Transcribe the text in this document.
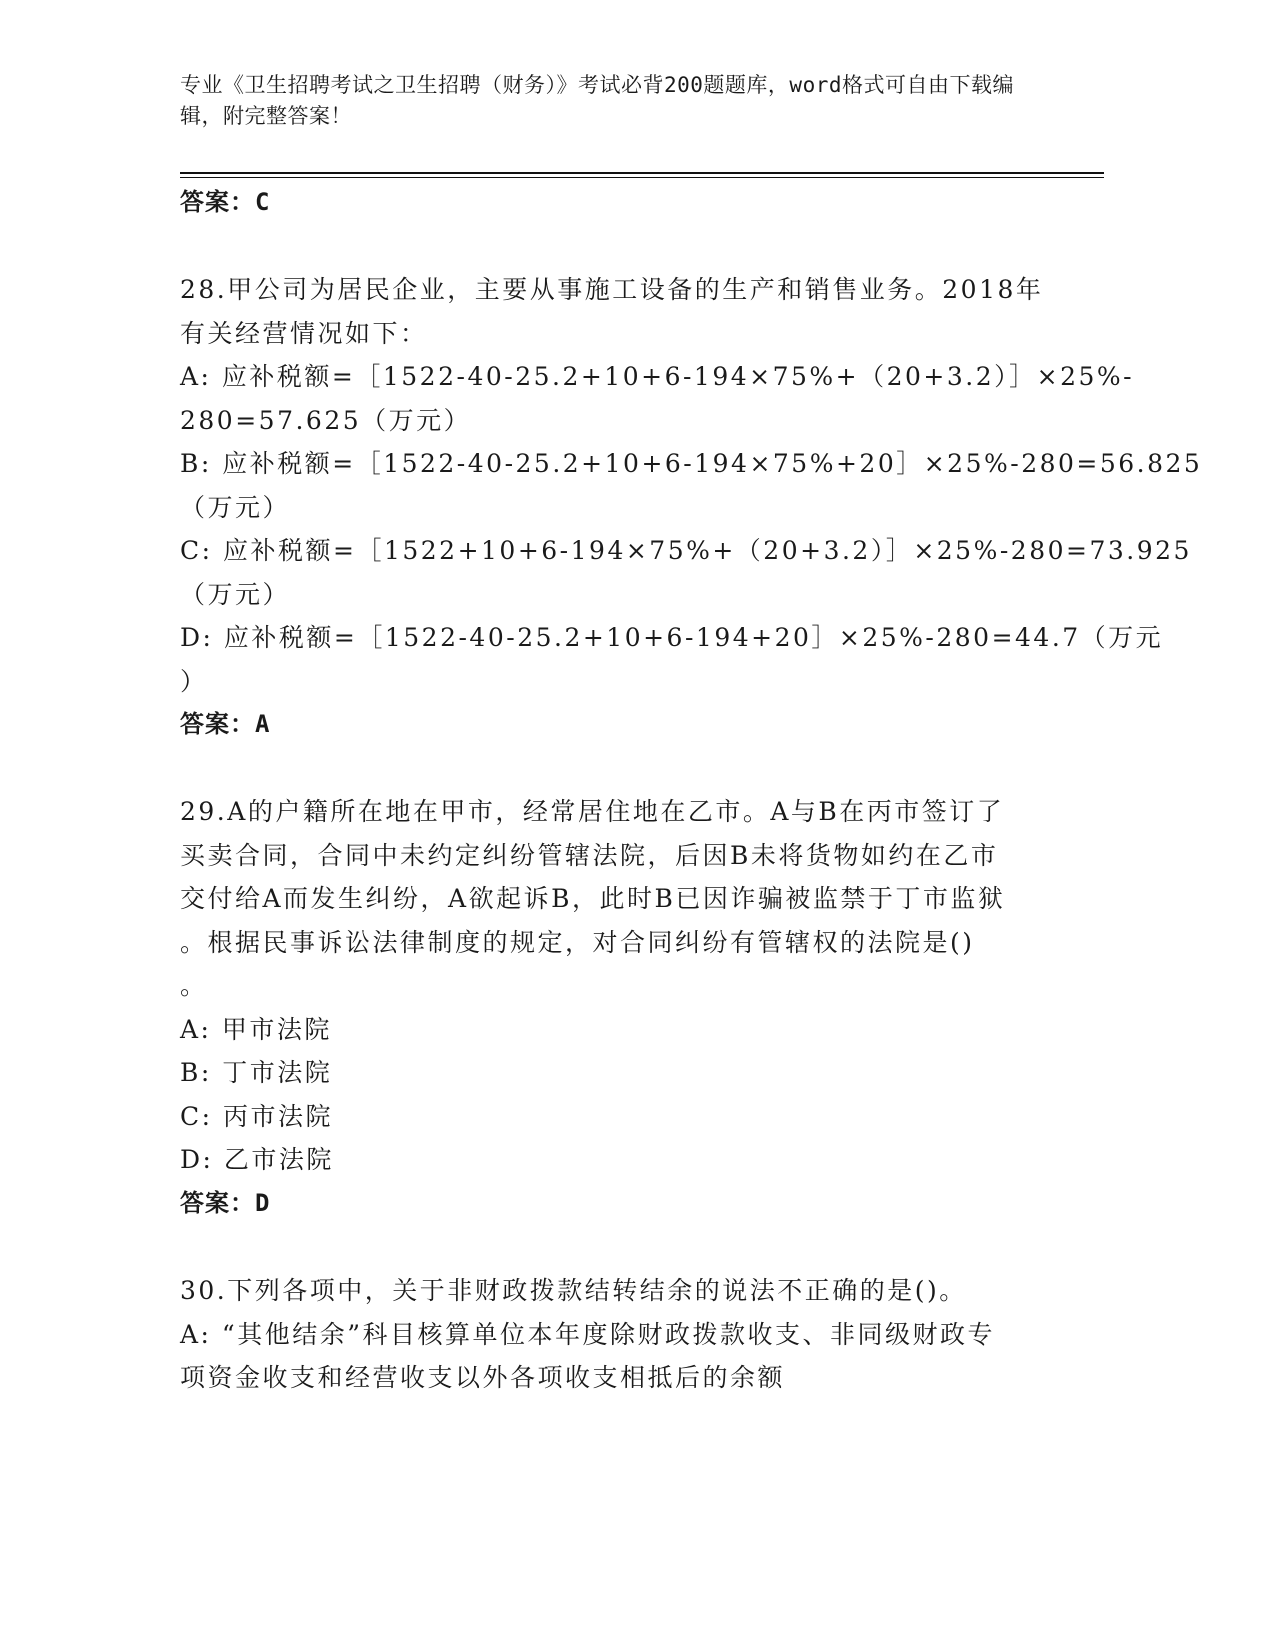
专业《卫生招聘考试之卫生招聘（财务）》考试必背200题题库，word格式可自由下载编辑，附完整答案！
答案：C
28.甲公司为居民企业，主要从事施工设备的生产和销售业务。2018年
有关经营情况如下：
A: 应补税额=［1522-40-25.2+10+6-194×75%+（20+3.2）］×25%-
280=57.625（万元）
B: 应补税额=［1522-40-25.2+10+6-194×75%+20］×25%-280=56.825
（万元）
C: 应补税额=［1522+10+6-194×75%+（20+3.2）］×25%-280=73.925
（万元）
D: 应补税额=［1522-40-25.2+10+6-194+20］×25%-280=44.7（万元
）
答案：A
29.A的户籍所在地在甲市，经常居住地在乙市。A与B在丙市签订了
买卖合同，合同中未约定纠纷管辖法院，后因B未将货物如约在乙市
交付给A而发生纠纷，A欲起诉B，此时B已因诈骗被监禁于丁市监狱
。根据民事诉讼法律制度的规定，对合同纠纷有管辖权的法院是()
。
A: 甲市法院
B: 丁市法院
C: 丙市法院
D: 乙市法院
答案：D
30.下列各项中，关于非财政拨款结转结余的说法不正确的是()。
A: “其他结余”科目核算单位本年度除财政拨款收支、非同级财政专
项资金收支和经营收支以外各项收支相抵后的余额
